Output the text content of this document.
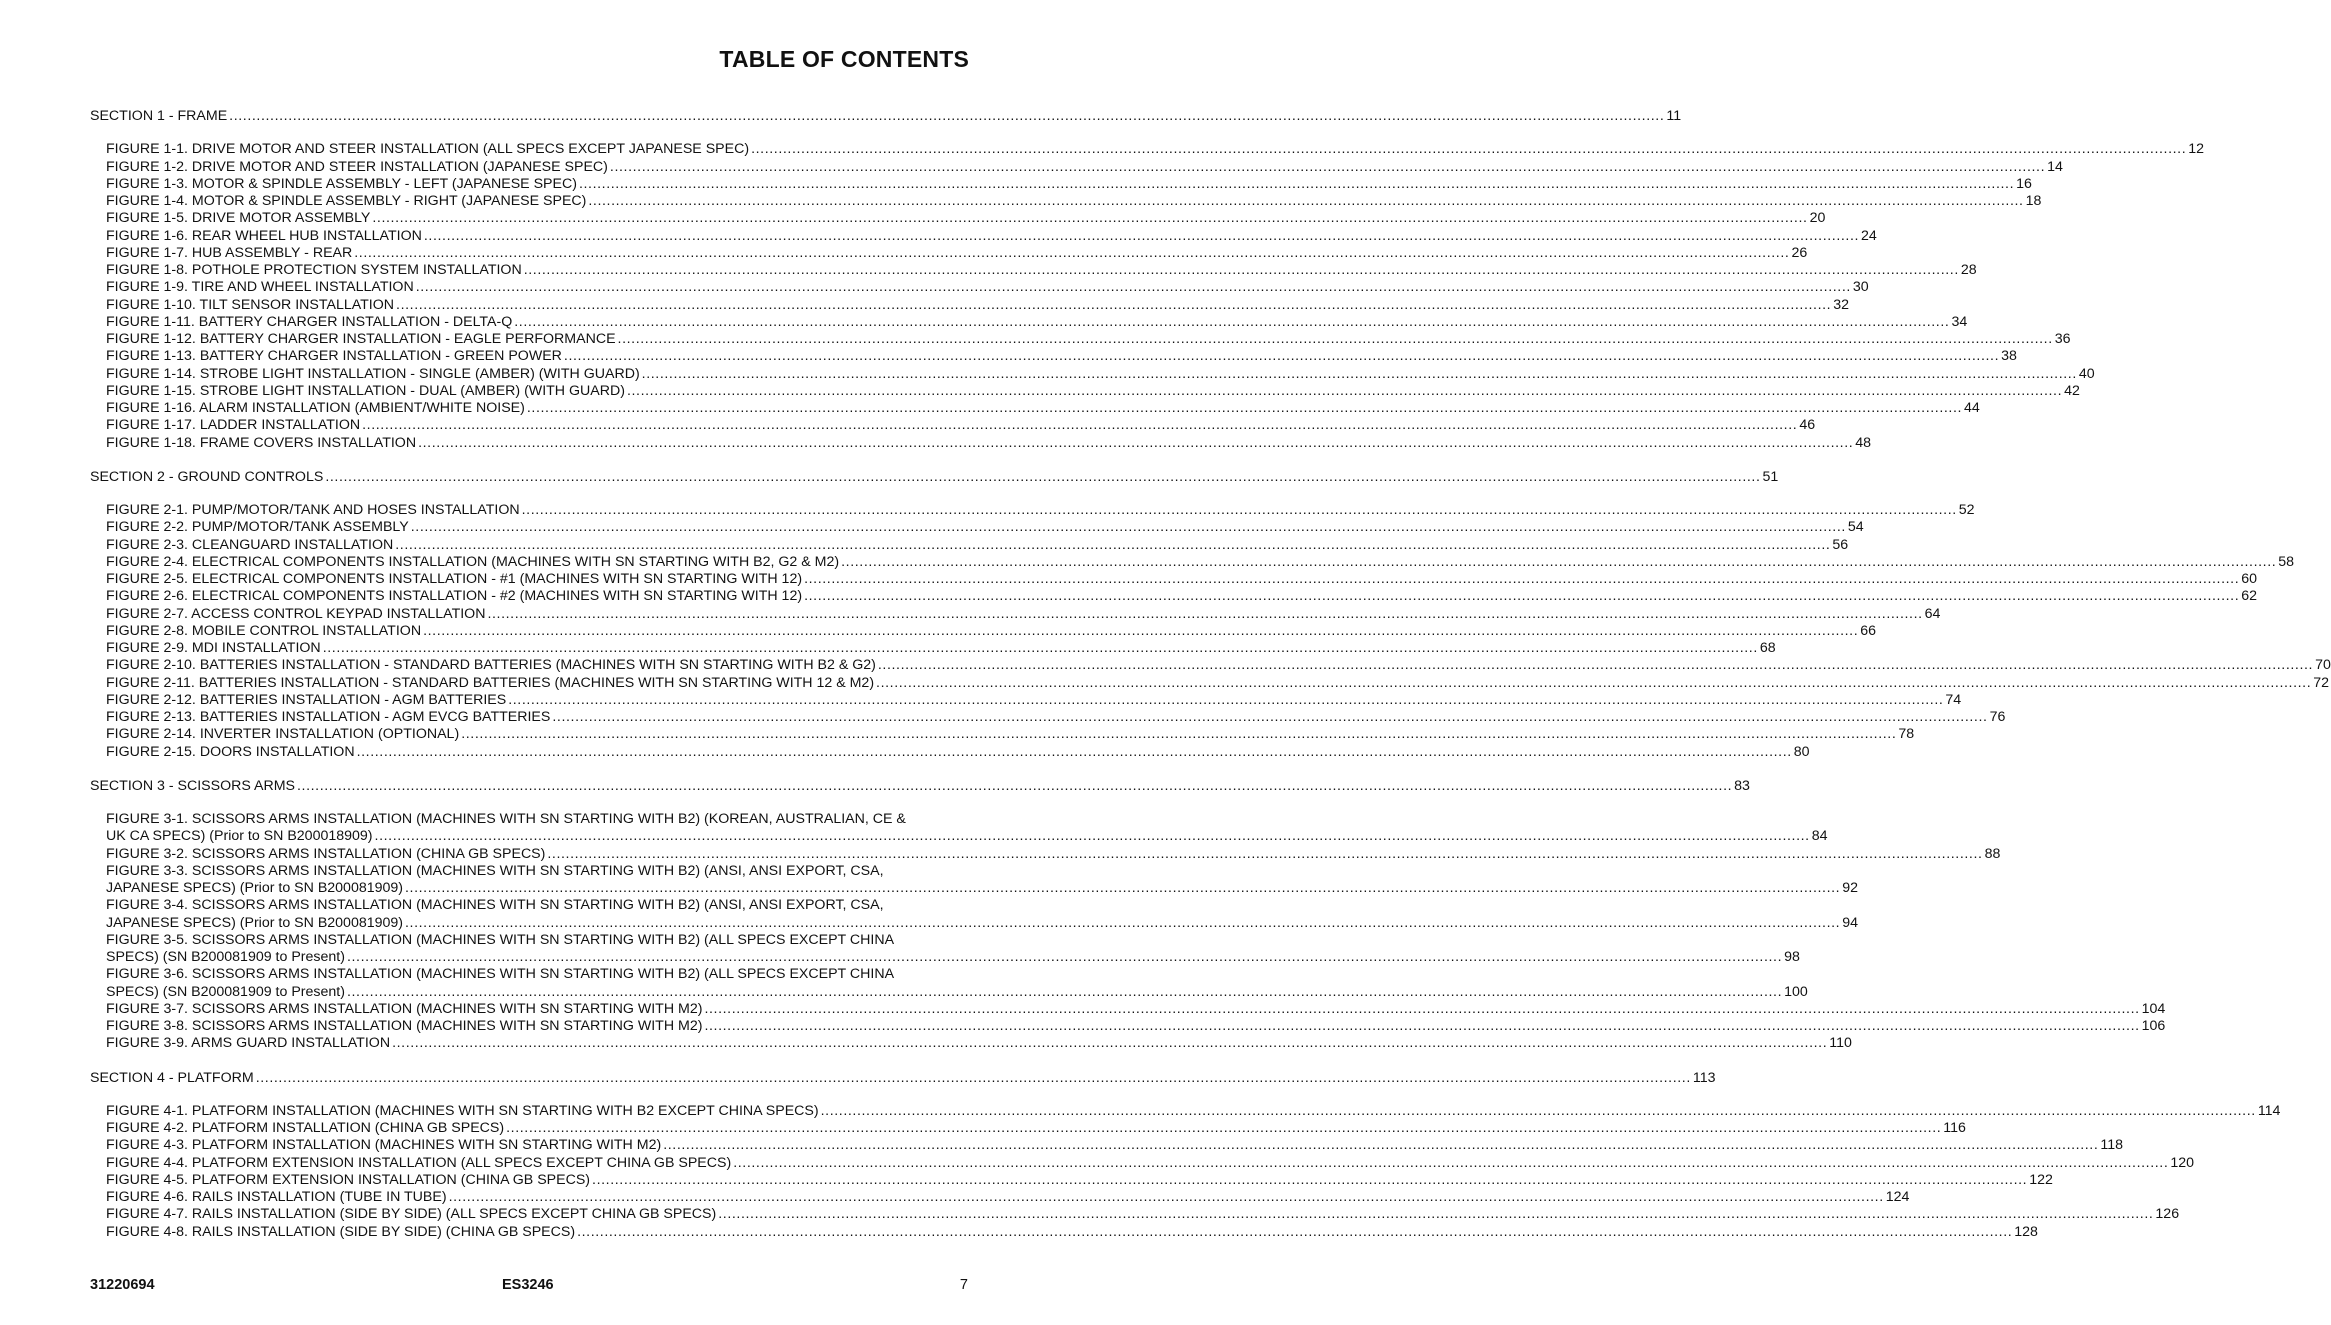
TABLE OF CONTENTS
SECTION 1 - FRAME .....	11
FIGURE 1-1. DRIVE MOTOR AND STEER INSTALLATION (ALL SPECS EXCEPT JAPANESE SPEC) .....	12
FIGURE 1-2. DRIVE MOTOR AND STEER INSTALLATION (JAPANESE SPEC) .....	14
FIGURE 1-3. MOTOR & SPINDLE ASSEMBLY - LEFT (JAPANESE SPEC) .....	16
FIGURE 1-4. MOTOR & SPINDLE ASSEMBLY - RIGHT (JAPANESE SPEC) .....	18
FIGURE 1-5. DRIVE MOTOR ASSEMBLY .....	20
FIGURE 1-6. REAR WHEEL HUB INSTALLATION .....	24
FIGURE 1-7. HUB ASSEMBLY - REAR .....	26
FIGURE 1-8. POTHOLE PROTECTION SYSTEM INSTALLATION .....	28
FIGURE 1-9. TIRE AND WHEEL INSTALLATION .....	30
FIGURE 1-10. TILT SENSOR INSTALLATION .....	32
FIGURE 1-11. BATTERY CHARGER INSTALLATION - DELTA-Q .....	34
FIGURE 1-12. BATTERY CHARGER INSTALLATION - EAGLE PERFORMANCE .....	36
FIGURE 1-13. BATTERY CHARGER INSTALLATION - GREEN POWER .....	38
FIGURE 1-14. STROBE LIGHT INSTALLATION - SINGLE (AMBER) (WITH GUARD) .....	40
FIGURE 1-15. STROBE LIGHT INSTALLATION - DUAL (AMBER) (WITH GUARD) .....	42
FIGURE 1-16. ALARM INSTALLATION (AMBIENT/WHITE NOISE) .....	44
FIGURE 1-17. LADDER INSTALLATION .....	46
FIGURE 1-18. FRAME COVERS INSTALLATION .....	48
SECTION 2 - GROUND CONTROLS .....	51
FIGURE 2-1. PUMP/MOTOR/TANK AND HOSES INSTALLATION .....	52
FIGURE 2-2. PUMP/MOTOR/TANK ASSEMBLY .....	54
FIGURE 2-3. CLEANGUARD INSTALLATION .....	56
FIGURE 2-4. ELECTRICAL COMPONENTS INSTALLATION (MACHINES WITH SN STARTING WITH B2, G2 & M2) .....	58
FIGURE 2-5. ELECTRICAL COMPONENTS INSTALLATION - #1 (MACHINES WITH SN STARTING WITH 12) .....	60
FIGURE 2-6. ELECTRICAL COMPONENTS INSTALLATION - #2 (MACHINES WITH SN STARTING WITH 12) .....	62
FIGURE 2-7. ACCESS CONTROL KEYPAD INSTALLATION .....	64
FIGURE 2-8. MOBILE CONTROL INSTALLATION .....	66
FIGURE 2-9. MDI INSTALLATION .....	68
FIGURE 2-10. BATTERIES INSTALLATION - STANDARD BATTERIES (MACHINES WITH SN STARTING WITH B2 & G2) .....	70
FIGURE 2-11. BATTERIES INSTALLATION - STANDARD BATTERIES (MACHINES WITH SN STARTING WITH 12 & M2) .....	72
FIGURE 2-12. BATTERIES INSTALLATION - AGM BATTERIES .....	74
FIGURE 2-13. BATTERIES INSTALLATION - AGM EVCG BATTERIES .....	76
FIGURE 2-14. INVERTER INSTALLATION (OPTIONAL) .....	78
FIGURE 2-15. DOORS INSTALLATION .....	80
SECTION 3 - SCISSORS ARMS .....	83
FIGURE 3-1. SCISSORS ARMS INSTALLATION (MACHINES WITH SN STARTING WITH B2) (KOREAN, AUSTRALIAN, CE &
UK CA SPECS) (Prior to SN B200018909) .....	84
FIGURE 3-2. SCISSORS ARMS INSTALLATION (CHINA GB SPECS) .....	88
FIGURE 3-3. SCISSORS ARMS INSTALLATION (MACHINES WITH SN STARTING WITH B2) (ANSI, ANSI EXPORT, CSA,
JAPANESE SPECS) (Prior to SN B200081909) .....	92
FIGURE 3-4. SCISSORS ARMS INSTALLATION (MACHINES WITH SN STARTING WITH B2) (ANSI, ANSI EXPORT, CSA,
JAPANESE SPECS) (Prior to SN B200081909) .....	94
FIGURE 3-5. SCISSORS ARMS INSTALLATION (MACHINES WITH SN STARTING WITH B2) (ALL SPECS EXCEPT CHINA
SPECS) (SN B200081909 to Present) .....	98
FIGURE 3-6. SCISSORS ARMS INSTALLATION (MACHINES WITH SN STARTING WITH B2) (ALL SPECS EXCEPT CHINA
SPECS) (SN B200081909 to Present) .....	100
FIGURE 3-7. SCISSORS ARMS INSTALLATION (MACHINES WITH SN STARTING WITH M2) .....	104
FIGURE 3-8. SCISSORS ARMS INSTALLATION (MACHINES WITH SN STARTING WITH M2) .....	106
FIGURE 3-9. ARMS GUARD INSTALLATION .....	110
SECTION 4 - PLATFORM .....	113
FIGURE 4-1. PLATFORM INSTALLATION (MACHINES WITH SN STARTING WITH B2 EXCEPT CHINA SPECS) .....	114
FIGURE 4-2. PLATFORM INSTALLATION (CHINA GB SPECS) .....	116
FIGURE 4-3. PLATFORM INSTALLATION (MACHINES WITH SN STARTING WITH M2) .....	118
FIGURE 4-4. PLATFORM EXTENSION INSTALLATION (ALL SPECS EXCEPT CHINA GB SPECS) .....	120
FIGURE 4-5. PLATFORM EXTENSION INSTALLATION (CHINA GB SPECS) .....	122
FIGURE 4-6. RAILS INSTALLATION (TUBE IN TUBE) .....	124
FIGURE 4-7. RAILS INSTALLATION (SIDE BY SIDE) (ALL SPECS EXCEPT CHINA GB SPECS) .....	126
FIGURE 4-8. RAILS INSTALLATION (SIDE BY SIDE) (CHINA GB SPECS) .....	128
31220694	ES3246	7
